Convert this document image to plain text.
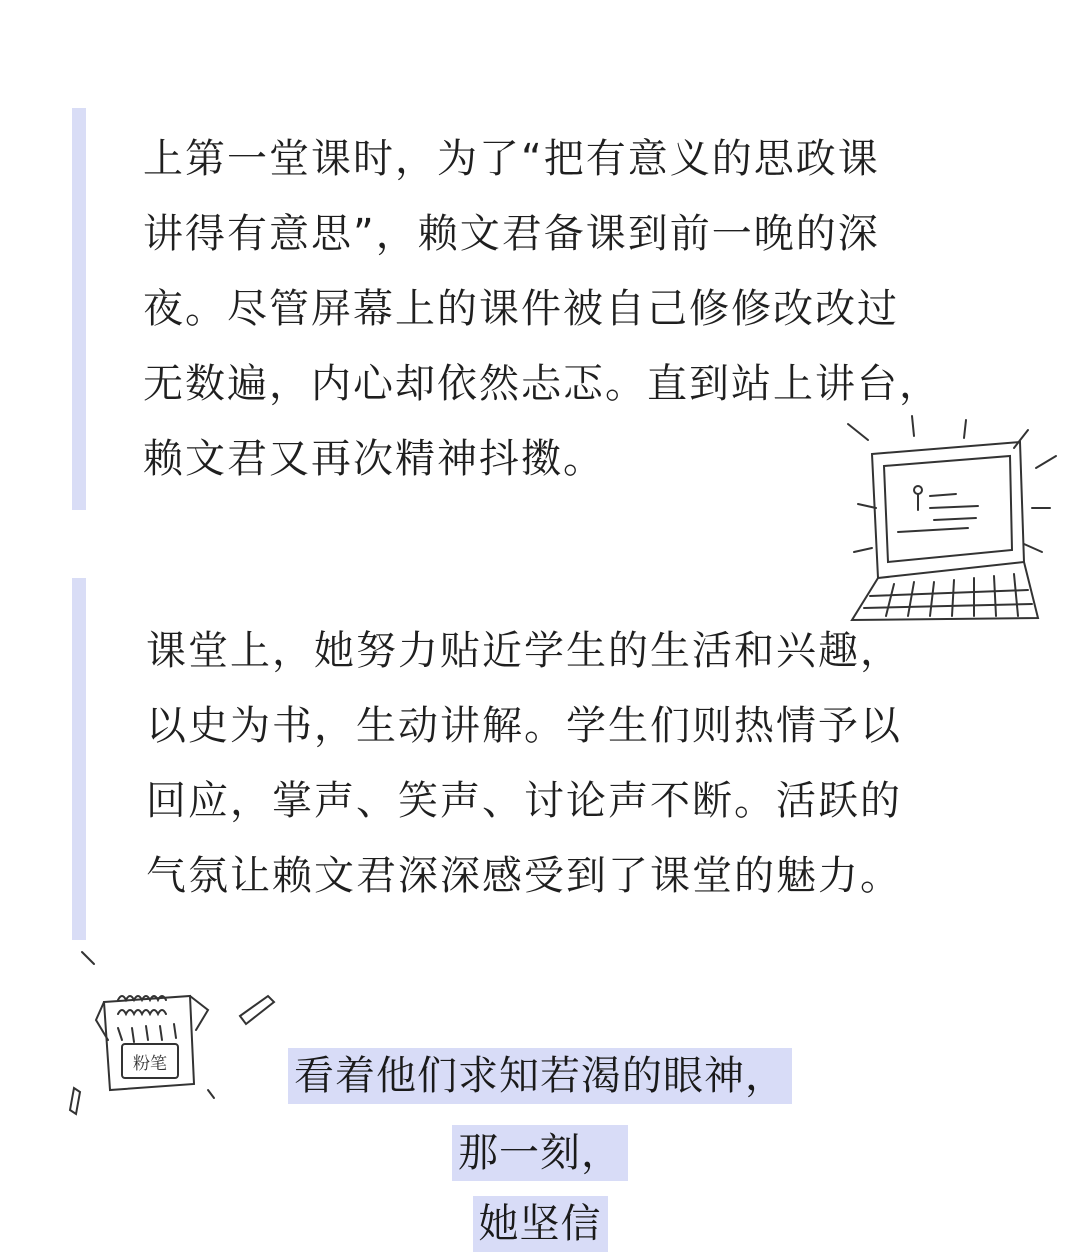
上第一堂课时，为了“把有意义的思政课
讲得有意思”，赖文君备课到前一晚的深
夜。尽管屏幕上的课件被自己修修改改过
无数遍，内心却依然忐忑。直到站上讲台，
赖文君又再次精神抖擞。
课堂上，她努力贴近学生的生活和兴趣，
以史为书，生动讲解。学生们则热情予以
回应，掌声、笑声、讨论声不断。活跃的
气氛让赖文君深深感受到了课堂的魅力。
粉笔	看着他们求知若渴的眼神，
那一刻，
她坚信
